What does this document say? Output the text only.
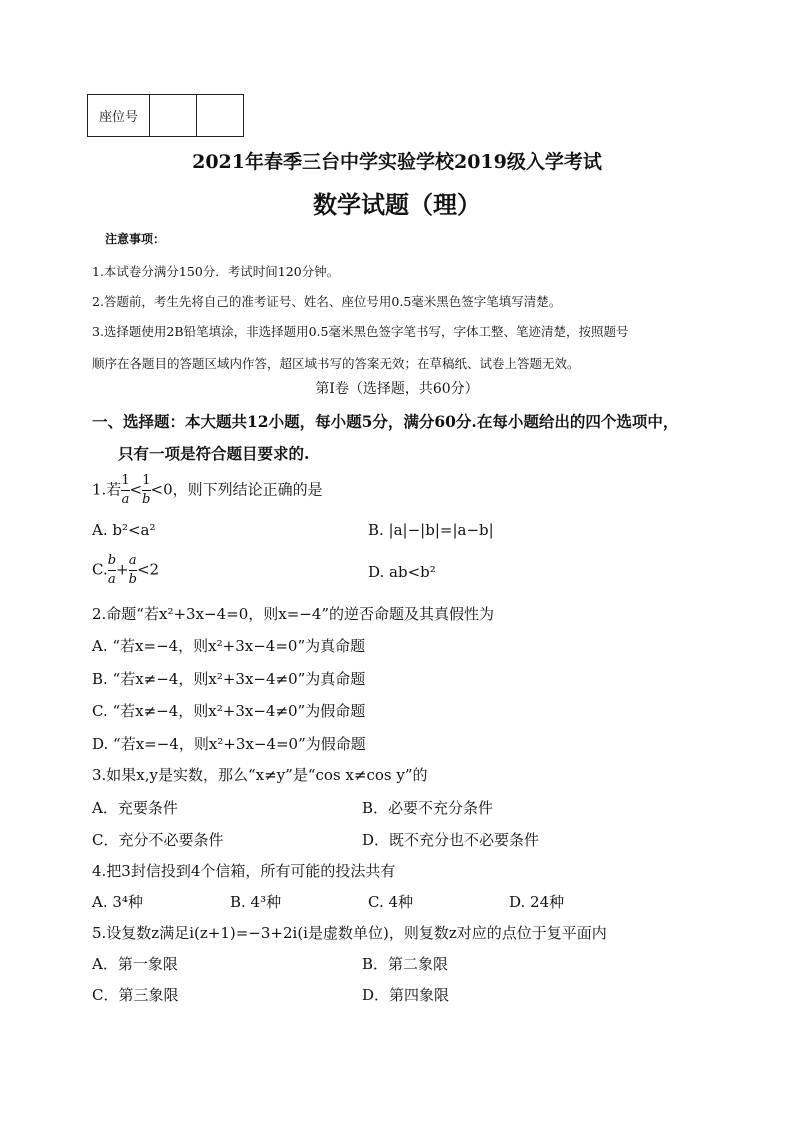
座位号		
2021年春季三台中学实验学校2019级入学考试
数学试题（理）
注意事项：
1.本试卷分满分150分．考试时间120分钟。
2.答题前，考生先将自己的准考证号、姓名、座位号用0.5毫米黑色签字笔填写清楚。
3.选择题使用2B铅笔填涂，非选择题用0.5毫米黑色签字笔书写，字体工整、笔迹清楚，按照题号
顺序在各题目的答题区域内作答，超区域书写的答案无效；在草稿纸、试卷上答题无效。
第Ⅰ卷（选择题，共60分）
一、选择题：本大题共12小题，每小题5分，满分60分.在每小题给出的四个选项中，
只有一项是符合题目要求的.
1.若 $\frac{1}{a} < \frac{1}{b} <0$，则下列结论正确的是
A. b²<a²	B. |a|−|b|=|a−b|
$C.\frac{b}{a} +\frac{a}{b} <2$	D. ab<b²
2.命题“若x²+3x−4=0，则x=−4”的逆否命题及其真假性为
A. “若x=−4，则x²+3x−4=0”为真命题
B. “若x≠−4，则x²+3x−4≠0”为真命题
C. “若x≠−4，则x²+3x−4≠0”为假命题
D. “若x=−4，则x²+3x−4=0”为假命题
3.如果x,y是实数，那么“x≠y”是“cos x≠cos y”的
A．充要条件	B．必要不充分条件
C．充分不必要条件	D．既不充分也不必要条件
4.把3封信投到4个信箱，所有可能的投法共有
A. 3⁴种	B. 4³种	C. 4种	D. 24种
5.设复数z满足i(z+1)=−3+2i(i是虚数单位)，则复数z对应的点位于复平面内
A．第一象限	B．第二象限
C．第三象限	D．第四象限
